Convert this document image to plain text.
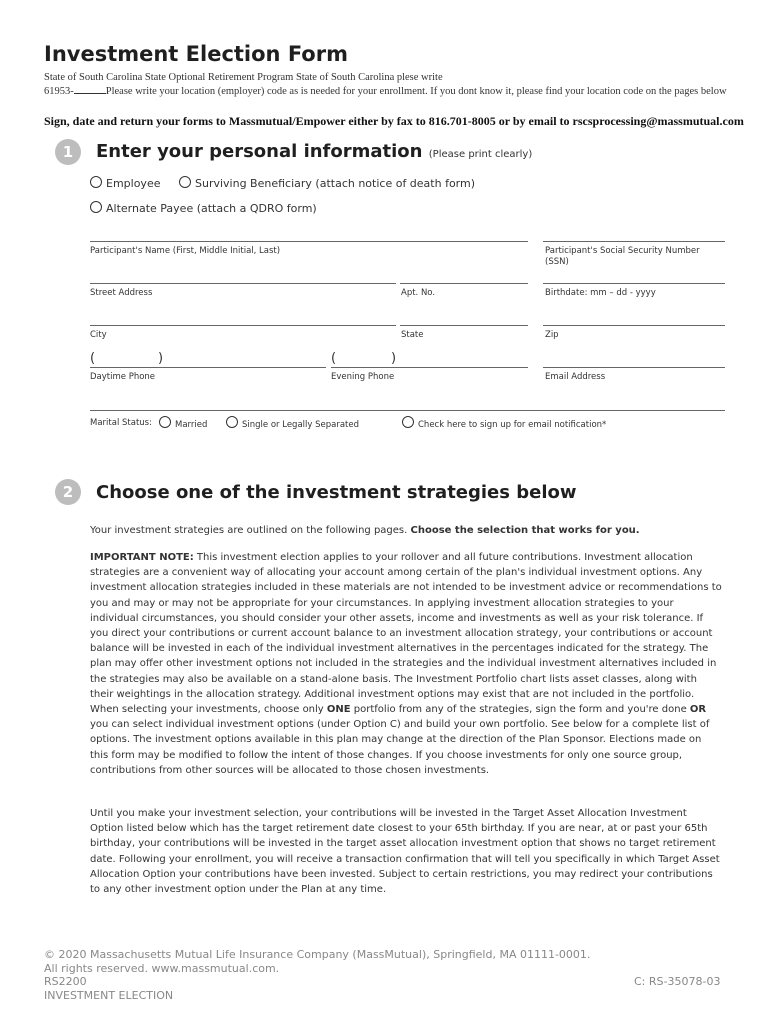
Investment Election Form
State of South Carolina State Optional Retirement Program State of South Carolina plese write
61953-	Please write your location (employer) code as is needed for your enrollment. If you dont know it, please find your location code on the pages below
Sign, date and return your forms to Massmutual/Empower either by fax to 816.701-8005 or by email to rscsprocessing@massmutual.com
1	Enter your personal information (Please print clearly)
Employee	Surviving Beneficiary (attach notice of death form)
Alternate Payee (attach a QDRO form)
Participant's Name (First, Middle Initial, Last)	Participant's Social Security Number (SSN)
Street Address	Apt. No.	Birthdate: mm – dd - yyyy
City	State	Zip
(	)	(	)
Daytime Phone	Evening Phone	Email Address
Marital Status:	Married	Single or Legally Separated	Check here to sign up for email notification*
2	Choose one of the investment strategies below
Your investment strategies are outlined on the following pages. Choose the selection that works for you.
IMPORTANT NOTE: This investment election applies to your rollover and all future contributions. Investment allocation strategies are a convenient way of allocating your account among certain of the plan's individual investment options. Any investment allocation strategies included in these materials are not intended to be investment advice or recommendations to you and may or may not be appropriate for your circumstances. In applying investment allocation strategies to your individual circumstances, you should consider your other assets, income and investments as well as your risk tolerance. If you direct your contributions or current account balance to an investment allocation strategy, your contributions or account balance will be invested in each of the individual investment alternatives in the percentages indicated for the strategy. The plan may offer other investment options not included in the strategies and the individual investment alternatives included in the strategies may also be available on a stand-alone basis. The Investment Portfolio chart lists asset classes, along with their weightings in the allocation strategy. Additional investment options may exist that are not included in the portfolio. When selecting your investments, choose only ONE portfolio from any of the strategies, sign the form and you're done OR you can select individual investment options (under Option C) and build your own portfolio. See below for a complete list of options. The investment options available in this plan may change at the direction of the Plan Sponsor. Elections made on this form may be modified to follow the intent of those changes. If you choose investments for only one source group, contributions from other sources will be allocated to those chosen investments.
Until you make your investment selection, your contributions will be invested in the Target Asset Allocation Investment Option listed below which has the target retirement date closest to your 65th birthday. If you are near, at or past your 65th birthday, your contributions will be invested in the target asset allocation investment option that shows no target retirement date. Following your enrollment, you will receive a transaction confirmation that will tell you specifically in which Target Asset Allocation Option your contributions have been invested. Subject to certain restrictions, you may redirect your contributions to any other investment option under the Plan at any time.
© 2020 Massachusetts Mutual Life Insurance Company (MassMutual), Springfield, MA 01111-0001.
All rights reserved. www.massmutual.com.
RS2200
INVESTMENT ELECTION
C: RS-35078-03
